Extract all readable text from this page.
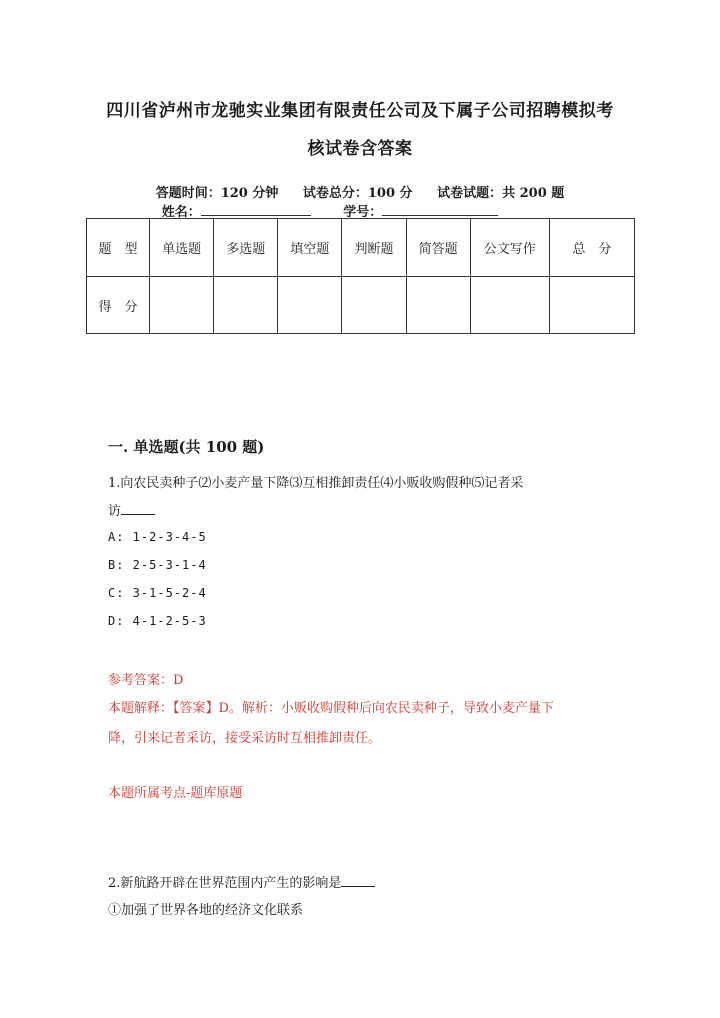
四川省泸州市龙驰实业集团有限责任公司及下属子公司招聘模拟考
核试卷含答案
答题时间：120 分钟 试卷总分：100 分 试卷试题：共 200 题
姓名：	学号：
题　型	单选题	多选题	填空题	判断题	简答题	公文写作	总　分
得　分							
一. 单选题(共 100 题)
1.向农民卖种子⑵小麦产量下降⑶互相推卸责任⑷小贩收购假种⑸记者采
访
A: 1-2-3-4-5
B: 2-5-3-1-4
C: 3-1-5-2-4
D: 4-1-2-5-3
参考答案：D
本题解释：【答案】D。解析：小贩收购假种后向农民卖种子，导致小麦产量下
降，引来记者采访，接受采访时互相推卸责任。
本题所属考点-题库原题
2.新航路开辟在世界范围内产生的影响是
①加强了世界各地的经济文化联系
